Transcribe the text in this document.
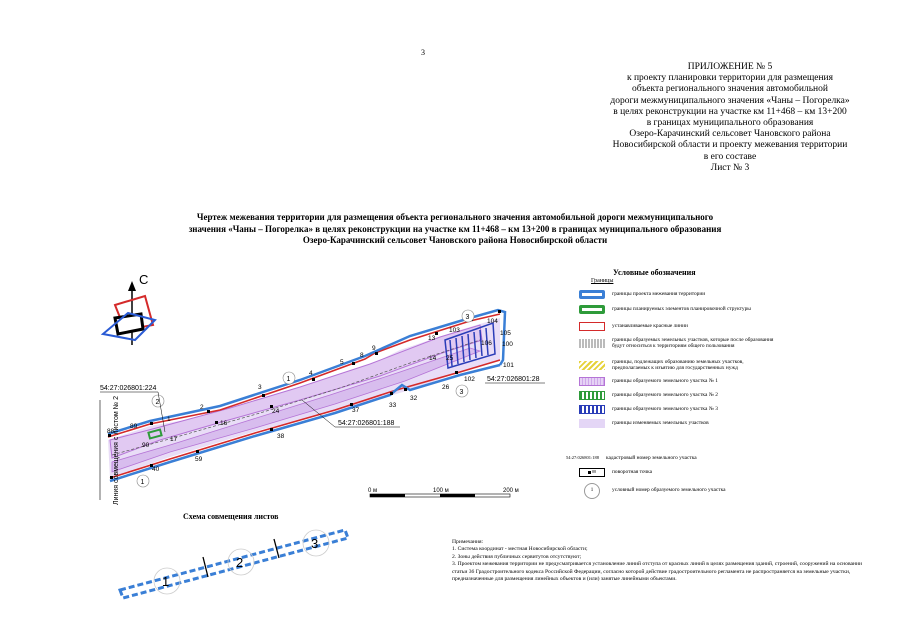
3
ПРИЛОЖЕНИЕ № 5
к проекту планировки территории для размещения
объекта регионального значения автомобильной
дороги межмуниципального значения «Чаны – Погорелка»
в целях реконструкции на участке км 11+468 – км 13+200
в границах муниципального образования
Озеро-Карачинский сельсовет Чановского района
Новосибирской области и проекту межевания территории
в его составе
Лист № 3
Чертеж межевания территории для размещения объекта регионального значения автомобильной дороги межмуниципального
значения «Чаны – Погорелка» в целях реконструкции на участке км 11+468 – км 13+200 в границах муниципального образования
Озеро-Карачинский сельсовет Чановского района Новосибирской области
С
88
89
1
2
90
17
16
40
59
3
24
38
4
37
5
8
9
33
32
13
14 25
26
103
104
105
106 100
101
102
2
1
1
3
3
54:27:026801:224
54:27:026801:188
54:27:026801:28
Линия совмещения с листом № 2	0 м	100 м	200 м
1
2
3
Схема совмещения листов
Условные обозначения
Границы
границы проекта межевания территории
границы планируемых элементов планировочной структуры
устанавливаемые красные линии
границы образуемых земельных участков, которые после образования будут относиться к территориям общего пользования
границы, подлежащих образованию земельных участков, предполагаемых к изъятию для государственных нужд
границы образуемого земельного участка № 1
границы образуемого земельного участка № 2
границы образуемого земельного участка № 3
границы изменяемых земельных участков
54:27:026801:188	кадастровый номер земельного участка
88	поворотная точка
1	условный номер образуемого земельного участка
Примечания:
1. Система координат - местная Новосибирской области;
2. Зоны действия публичных сервитутов отсутствуют;
3. Проектом межевания территории не предусматривается установление линий отступа от красных линий в целях размещения зданий, строений, сооружений на основании статьи 36 Градостроительного кодекса Российской Федерации, согласно которой действие градостроительного регламента не распространяется на земельные участки, предназначенные для размещения линейных объектов и (или) занятые линейными объектами.
